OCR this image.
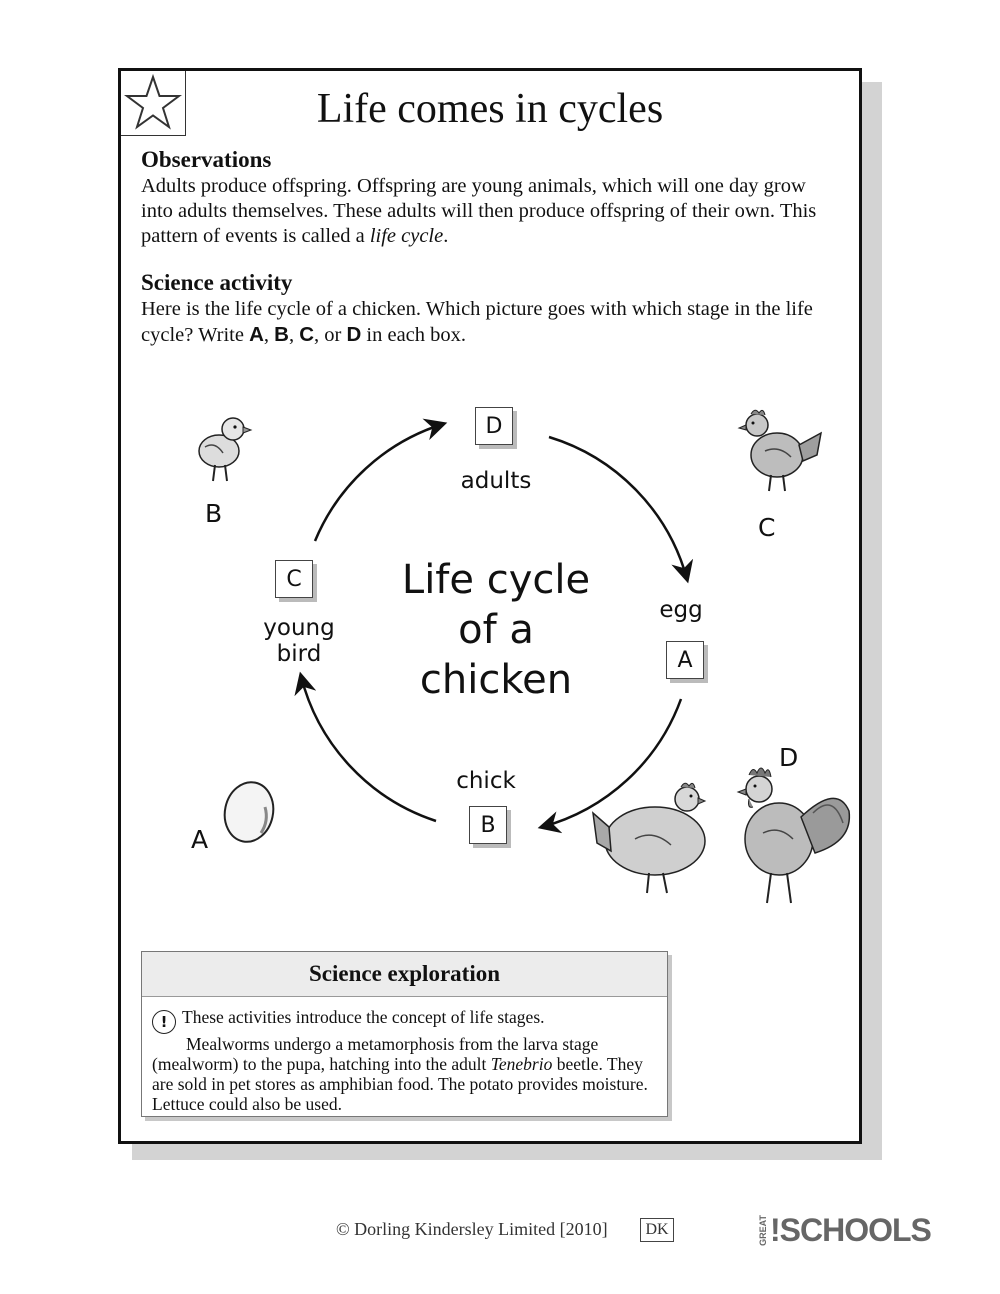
Life comes in cycles
Observations
Adults produce offspring. Offspring are young animals, which will one day grow into adults themselves. These adults will then produce offspring of their own. This pattern of events is called a life cycle.
Science activity
Here is the life cycle of a chicken. Which picture goes with which stage in the life cycle? Write A, B, C, or D in each box.
Life cycle
of a
chicken
D
adults
egg
A
chick
B
C
young
bird
B	C
A
D
Science exploration
! These activities introduce the concept of life stages.
Mealworms undergo a metamorphosis from the larva stage (mealworm) to the pupa, hatching into the adult Tenebrio beetle. They are sold in pet stores as amphibian food. The potato provides moisture. Lettuce could also be used.
© Dorling Kindersley Limited [2010]	DK	GREAT !SCHOOLS
